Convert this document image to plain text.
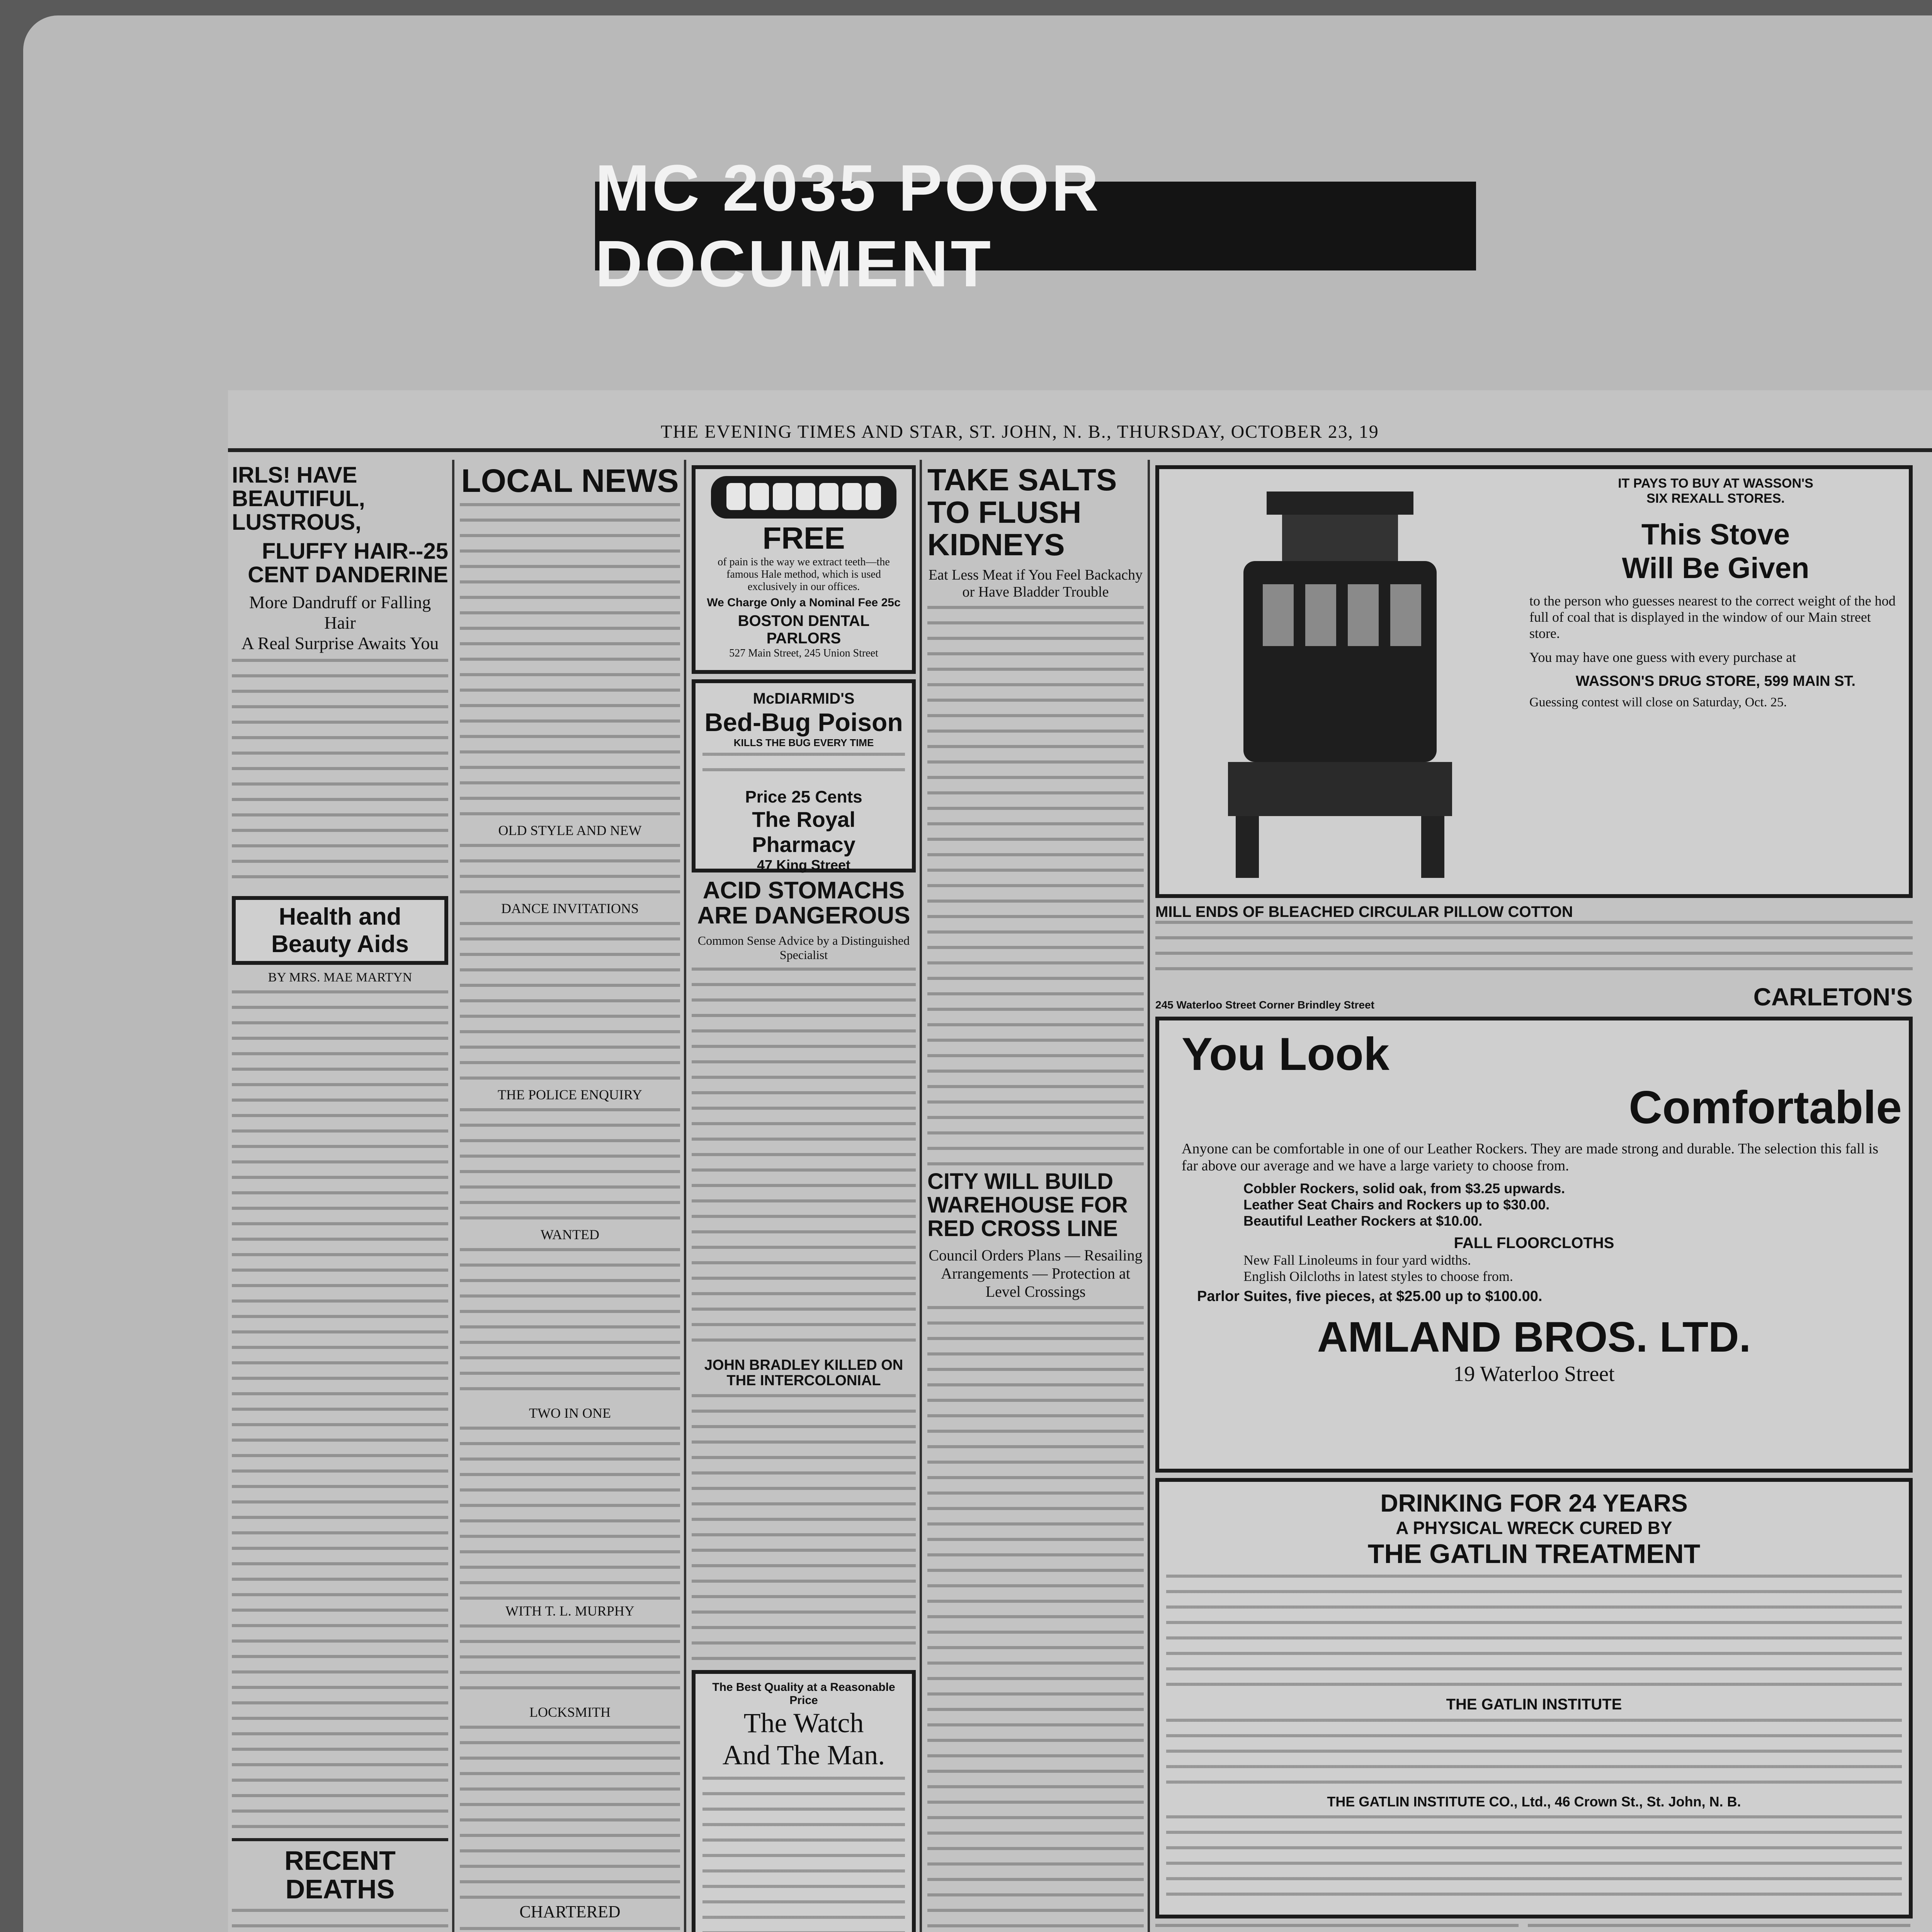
MC 2035 POOR DOCUMENT
THE EVENING TIMES AND STAR, ST. JOHN, N. B., THURSDAY, OCTOBER 23, 19
IRLS! HAVE BEAUTIFUL, LUSTROUS,
FLUFFY HAIR--25 CENT DANDERINE
More Dandruff or Falling Hair
A Real Surprise Awaits You
Health and Beauty Aids
BY MRS. MAE MARTYN
RECENT DEATHS
LOCAL NEWS
OLD STYLE AND NEW
DANCE INVITATIONS
THE POLICE ENQUIRY
WANTED
TWO IN ONE
WITH T. L. MURPHY
LOCKSMITH
CHARTERED
FREE
of pain is the way we extract teeth—the famous Hale method, which is used exclusively in our offices.
We Charge Only a Nominal Fee 25c
BOSTON DENTAL PARLORS
527 Main Street, 245 Union Street
McDIARMID'S
Bed-Bug Poison
KILLS THE BUG EVERY TIME
Price 25 Cents
The Royal Pharmacy
47 King Street
ACID STOMACHS ARE DANGEROUS
Common Sense Advice by a Distinguished Specialist
JOHN BRADLEY KILLED ON THE INTERCOLONIAL
The Best Quality at a Reasonable Price
The Watch
And The Man.
TAKE SALTS TO FLUSH KIDNEYS
Eat Less Meat if You Feel Backachy or Have Bladder Trouble
CITY WILL BUILD WAREHOUSE FOR RED CROSS LINE
Council Orders Plans — Resailing Arrangements — Protection at Level Crossings
IT PAYS TO BUY AT WASSON'S
SIX REXALL STORES.
This Stove
Will Be Given
to the person who guesses nearest to the correct weight of the hod full of coal that is displayed in the window of our Main street store.
You may have one guess with every purchase at
WASSON'S DRUG STORE, 599 MAIN ST.
Guessing contest will close on Saturday, Oct. 25.
MILL ENDS OF BLEACHED CIRCULAR PILLOW COTTON
245 Waterloo Street Corner Brindley Street	CARLETON'S
You Look
Comfortable
Anyone can be comfortable in one of our Leather Rockers. They are made strong and durable. The selection this fall is far above our average and we have a large variety to choose from.
Cobbler Rockers, solid oak, from $3.25 upwards.
Leather Seat Chairs and Rockers up to $30.00.
Beautiful Leather Rockers at $10.00.
FALL FLOORCLOTHS
New Fall Linoleums in four yard widths.
English Oilcloths in latest styles to choose from.
Parlor Suites, five pieces, at $25.00 up to $100.00.
AMLAND BROS. LTD.
19 Waterloo Street
DRINKING FOR 24 YEARS
A PHYSICAL WRECK CURED BY
THE GATLIN TREATMENT
THE GATLIN INSTITUTE
THE GATLIN INSTITUTE CO., Ltd., 46 Crown St., St. John, N. B.
